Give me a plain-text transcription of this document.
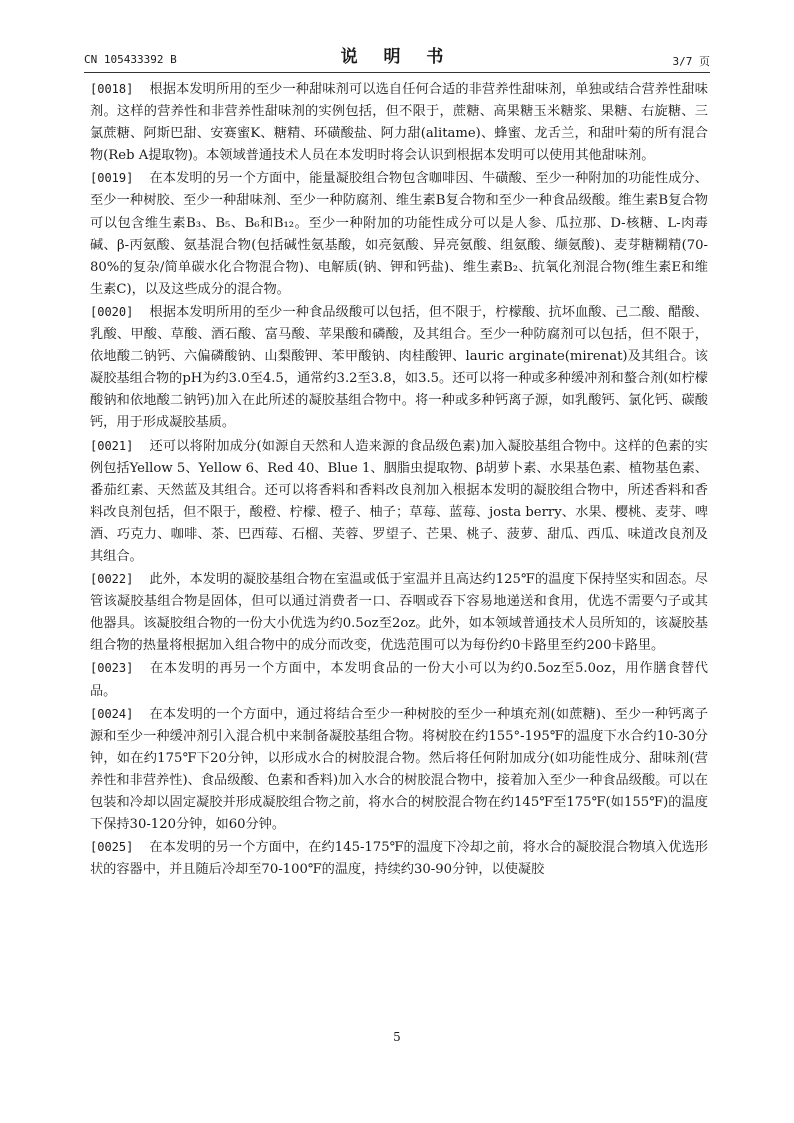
CN 105433392 B	说 明 书	3/7 页

[0018] 根据本发明所用的至少一种甜味剂可以选自任何合适的非营养性甜味剂，单独或结合营养性甜味剂。这样的营养性和非营养性甜味剂的实例包括，但不限于，蔗糖、高果糖玉米糖浆、果糖、右旋糖、三氯蔗糖、阿斯巴甜、安赛蜜K、糖精、环磺酸盐、阿力甜(alitame)、蜂蜜、龙舌兰，和甜叶菊的所有混合物(Reb A提取物)。本领域普通技术人员在本发明时将会认识到根据本发明可以使用其他甜味剂。

[0019] 在本发明的另一个方面中，能量凝胶组合物包含咖啡因、牛磺酸、至少一种附加的功能性成分、至少一种树胶、至少一种甜味剂、至少一种防腐剂、维生素B复合物和至少一种食品级酸。维生素B复合物可以包含维生素B₃、B₅、B₆和B₁₂。至少一种附加的功能性成分可以是人参、瓜拉那、D-核糖、L-肉毒碱、β-丙氨酸、氨基混合物(包括碱性氨基酸，如亮氨酸、异亮氨酸、组氨酸、缬氨酸)、麦芽糖糊精(70-80%的复杂/简单碳水化合物混合物)、电解质(钠、钾和钙盐)、维生素B₂、抗氧化剂混合物(维生素E和维生素C)，以及这些成分的混合物。

[0020] 根据本发明所用的至少一种食品级酸可以包括，但不限于，柠檬酸、抗坏血酸、己二酸、醋酸、乳酸、甲酸、草酸、酒石酸、富马酸、苹果酸和磷酸，及其组合。至少一种防腐剂可以包括，但不限于，依地酸二钠钙、六偏磷酸钠、山梨酸钾、苯甲酸钠、肉桂酸钾、lauric arginate(mirenat)及其组合。该凝胶基组合物的pH为约3.0至4.5，通常约3.2至3.8，如3.5。还可以将一种或多种缓冲剂和螯合剂(如柠檬酸钠和依地酸二钠钙)加入在此所述的凝胶基组合物中。将一种或多种钙离子源，如乳酸钙、氯化钙、碳酸钙，用于形成凝胶基质。

[0021] 还可以将附加成分(如源自天然和人造来源的食品级色素)加入凝胶基组合物中。这样的色素的实例包括Yellow 5、Yellow 6、Red 40、Blue 1、胭脂虫提取物、β胡萝卜素、水果基色素、植物基色素、番茄红素、天然蓝及其组合。还可以将香料和香料改良剂加入根据本发明的凝胶组合物中，所述香料和香料改良剂包括，但不限于，酸橙、柠檬、橙子、柚子；草莓、蓝莓、josta berry、水果、樱桃、麦芽、啤酒、巧克力、咖啡、茶、巴西莓、石榴、芙蓉、罗望子、芒果、桃子、菠萝、甜瓜、西瓜、味道改良剂及其组合。

[0022] 此外，本发明的凝胶基组合物在室温或低于室温并且高达约125℉的温度下保持坚实和固态。尽管该凝胶基组合物是固体，但可以通过消费者一口、吞咽或吞下容易地递送和食用，优选不需要勺子或其他器具。该凝胶组合物的一份大小优选为约0.5oz至2oz。此外，如本领域普通技术人员所知的，该凝胶基组合物的热量将根据加入组合物中的成分而改变，优选范围可以为每份约0卡路里至约200卡路里。

[0023] 在本发明的再另一个方面中，本发明食品的一份大小可以为约0.5oz至5.0oz，用作膳食替代品。

[0024] 在本发明的一个方面中，通过将结合至少一种树胶的至少一种填充剂(如蔗糖)、至少一种钙离子源和至少一种缓冲剂引入混合机中来制备凝胶基组合物。将树胶在约155°-195℉的温度下水合约10-30分钟，如在约175℉下20分钟，以形成水合的树胶混合物。然后将任何附加成分(如功能性成分、甜味剂(营养性和非营养性)、食品级酸、色素和香料)加入水合的树胶混合物中，接着加入至少一种食品级酸。可以在包装和冷却以固定凝胶并形成凝胶组合物之前，将水合的树胶混合物在约145℉至175℉(如155℉)的温度下保持30-120分钟，如60分钟。

[0025] 在本发明的另一个方面中，在约145-175℉的温度下冷却之前，将水合的凝胶混合物填入优选形状的容器中，并且随后冷却至70-100℉的温度，持续约30-90分钟，以使凝胶

5
